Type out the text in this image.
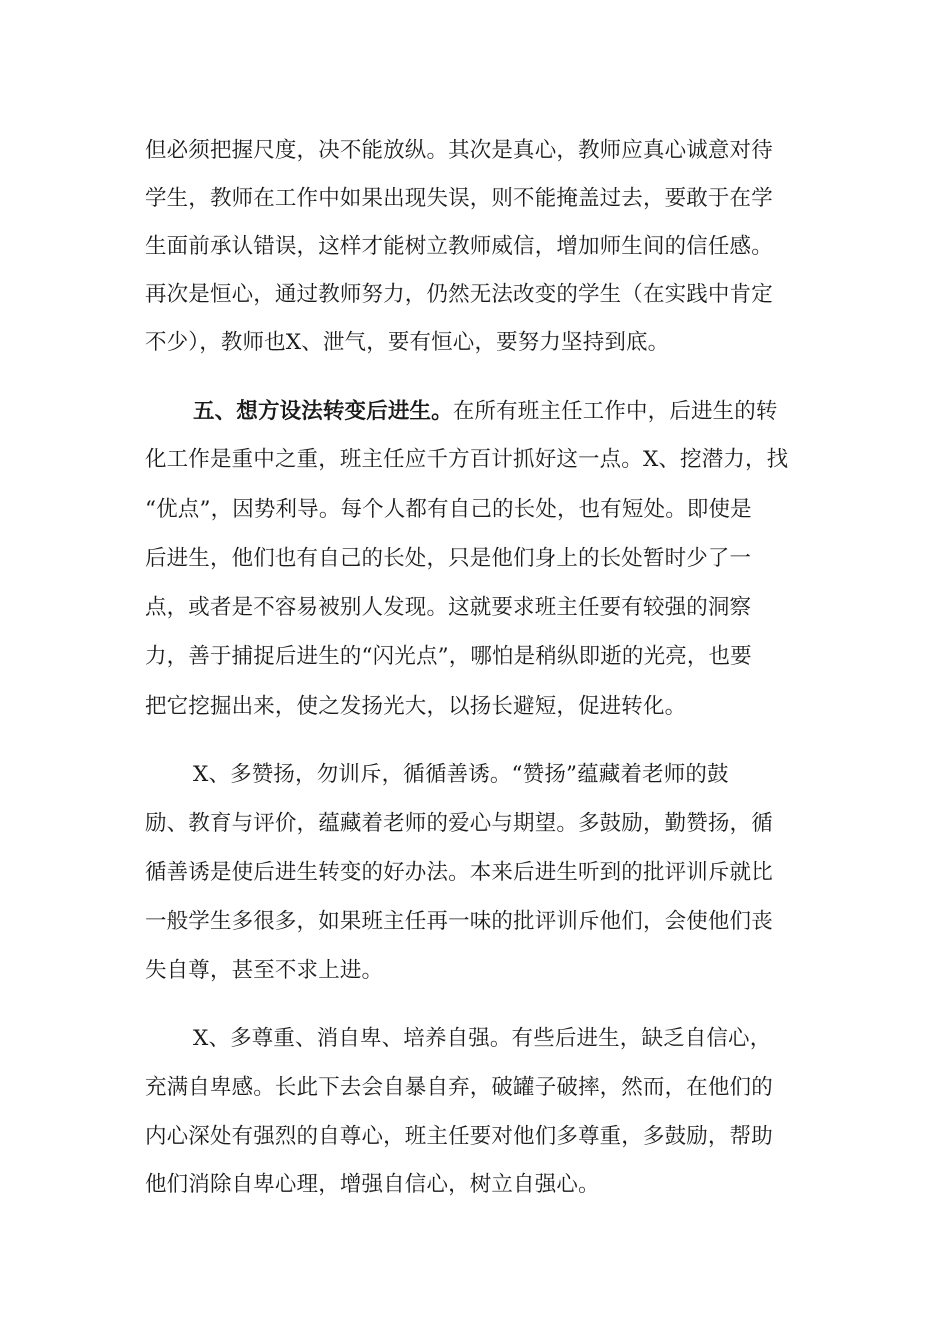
但必须把握尺度，决不能放纵。其次是真心，教师应真心诚意对待

学生，教师在工作中如果出现失误，则不能掩盖过去，要敢于在学

生面前承认错误，这样才能树立教师威信，增加师生间的信任感。

再次是恒心，通过教师努力，仍然无法改变的学生（在实践中肯定

不少），教师也X、泄气，要有恒心，要努力坚持到底。

五、想方设法转变后进生。在所有班主任工作中，后进生的转

化工作是重中之重，班主任应千方百计抓好这一点。X、挖潜力，找

“优点”，因势利导。每个人都有自己的长处，也有短处。即使是

后进生，他们也有自己的长处，只是他们身上的长处暂时少了一

点，或者是不容易被别人发现。这就要求班主任要有较强的洞察

力，善于捕捉后进生的“闪光点”，哪怕是稍纵即逝的光亮，也要

把它挖掘出来，使之发扬光大，以扬长避短，促进转化。

X、多赞扬，勿训斥，循循善诱。“赞扬”蕴藏着老师的鼓

励、教育与评价，蕴藏着老师的爱心与期望。多鼓励，勤赞扬，循

循善诱是使后进生转变的好办法。本来后进生听到的批评训斥就比

一般学生多很多，如果班主任再一味的批评训斥他们，会使他们丧

失自尊，甚至不求上进。

X、多尊重、消自卑、培养自强。有些后进生，缺乏自信心，

充满自卑感。长此下去会自暴自弃，破罐子破摔，然而，在他们的

内心深处有强烈的自尊心，班主任要对他们多尊重，多鼓励，帮助

他们消除自卑心理，增强自信心，树立自强心。
